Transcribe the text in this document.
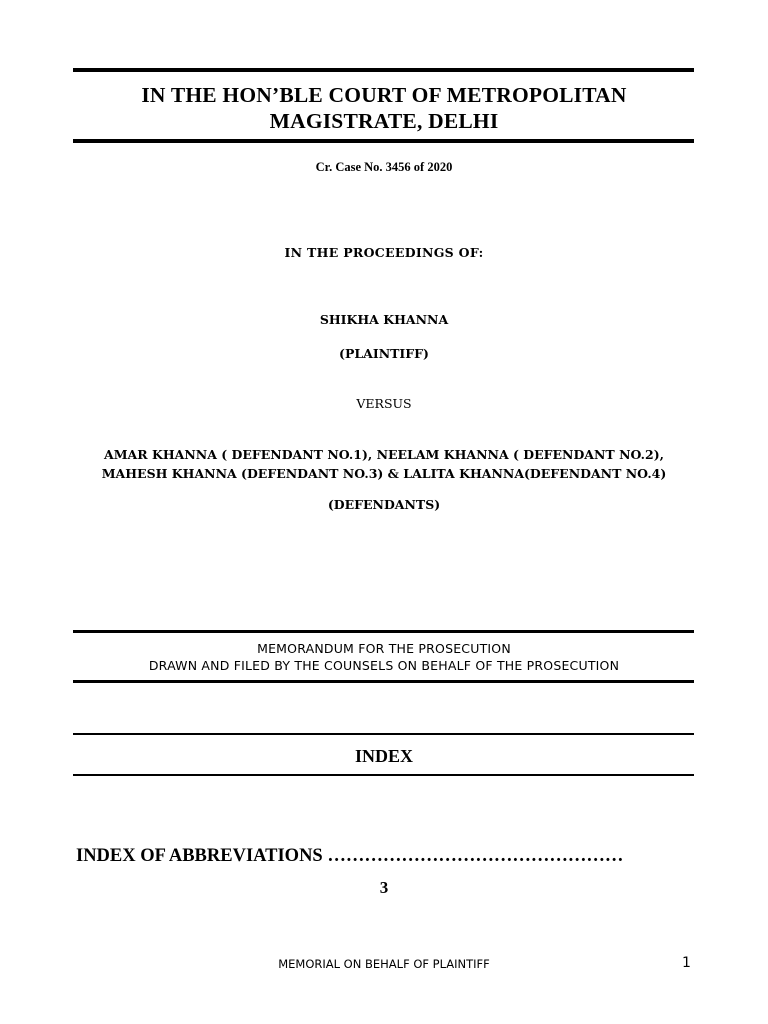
IN THE HON’BLE COURT OF METROPOLITAN
MAGISTRATE, DELHI
Cr. Case No. 3456 of 2020
IN THE PROCEEDINGS OF:
SHIKHA KHANNA
(PLAINTIFF)
VERSUS
AMAR KHANNA ( DEFENDANT NO.1), NEELAM KHANNA ( DEFENDANT NO.2),
MAHESH KHANNA (DEFENDANT NO.3) & LALITA KHANNA(DEFENDANT NO.4)
(DEFENDANTS)
MEMORANDUM FOR THE PROSECUTION
DRAWN AND FILED BY THE COUNSELS ON BEHALF OF THE PROSECUTION
INDEX
INDEX OF ABBREVIATIONS …………………………………………
3
MEMORIAL ON BEHALF OF PLAINTIFF	1
